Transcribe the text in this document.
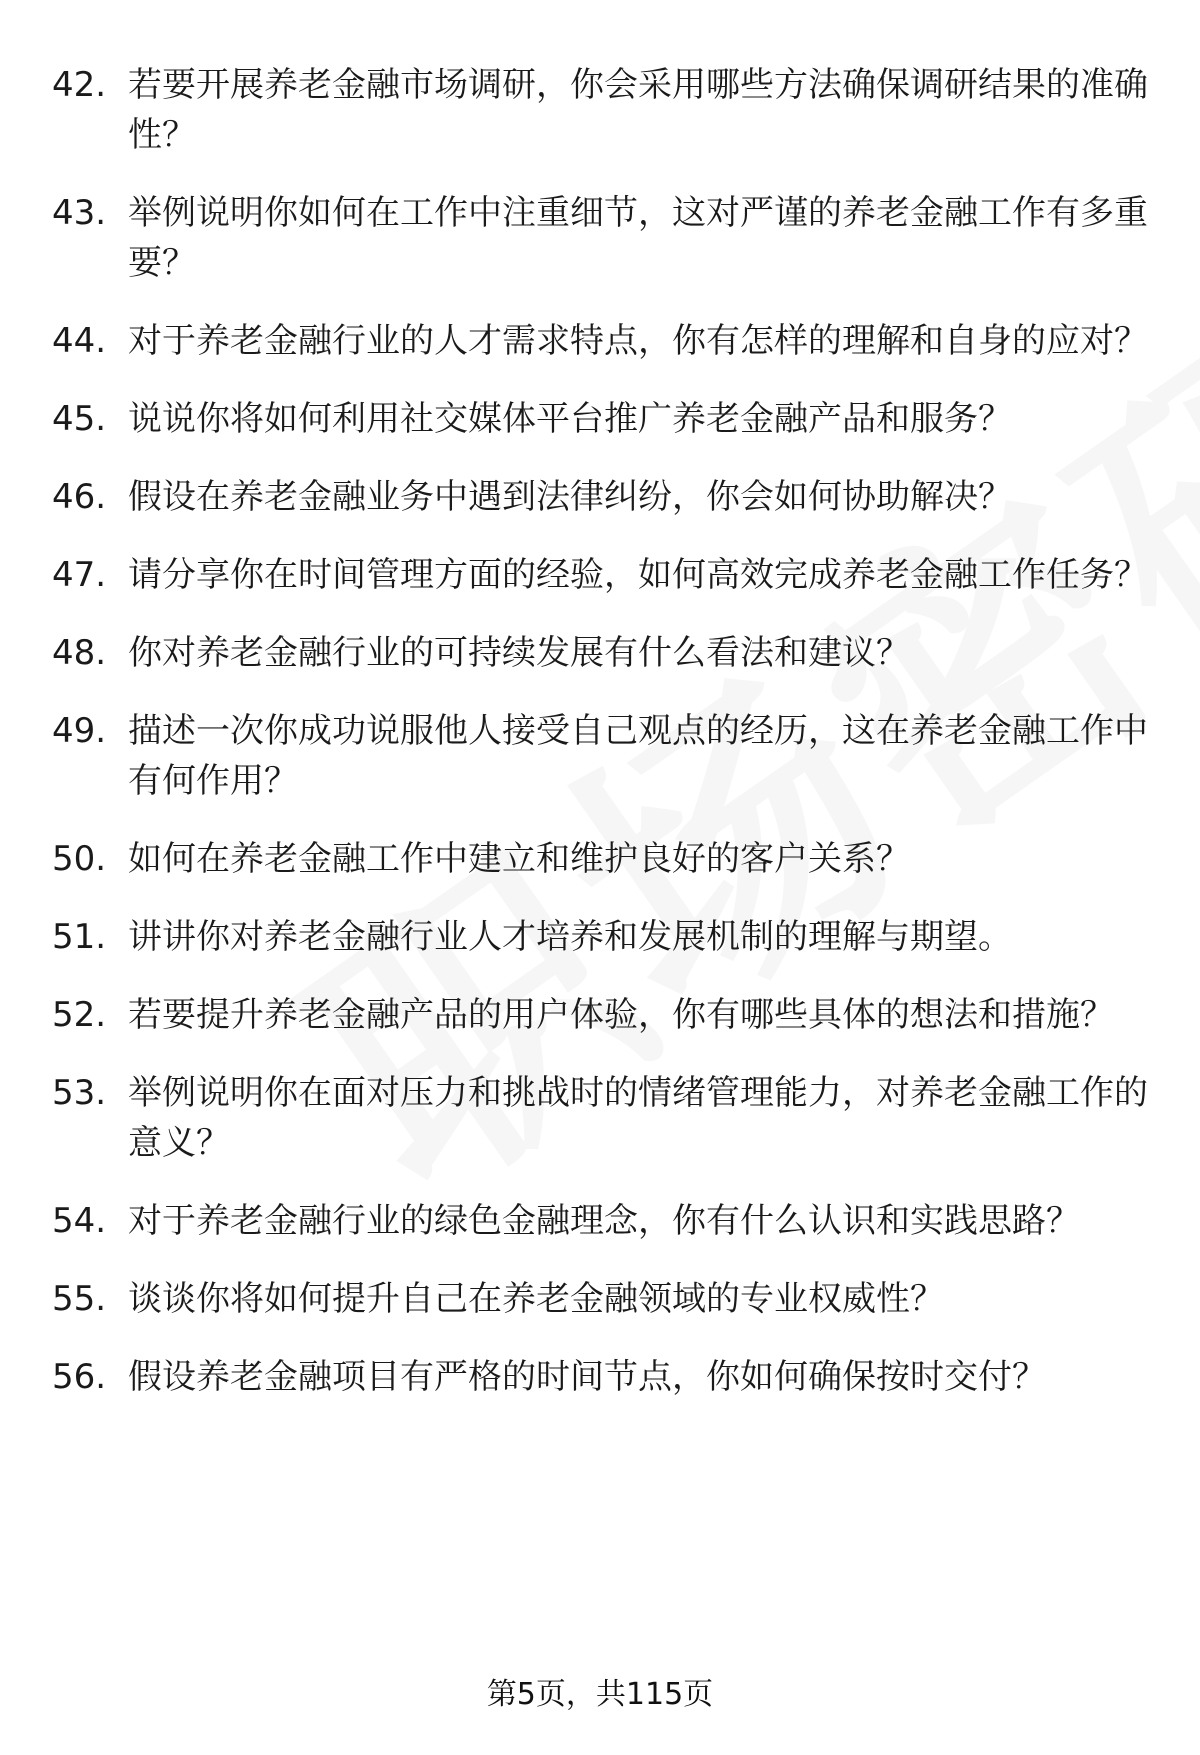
42. 若要开展养老金融市场调研，你会采用哪些方法确保调研结果的准确性？
43. 举例说明你如何在工作中注重细节，这对严谨的养老金融工作有多重要？
44. 对于养老金融行业的人才需求特点，你有怎样的理解和自身的应对？
45. 说说你将如何利用社交媒体平台推广养老金融产品和服务？
46. 假设在养老金融业务中遇到法律纠纷，你会如何协助解决？
47. 请分享你在时间管理方面的经验，如何高效完成养老金融工作任务？
48. 你对养老金融行业的可持续发展有什么看法和建议？
49. 描述一次你成功说服他人接受自己观点的经历，这在养老金融工作中有何作用？
50. 如何在养老金融工作中建立和维护良好的客户关系？
51. 讲讲你对养老金融行业人才培养和发展机制的理解与期望。
52. 若要提升养老金融产品的用户体验，你有哪些具体的想法和措施？
53. 举例说明你在面对压力和挑战时的情绪管理能力，对养老金融工作的意义？
54. 对于养老金融行业的绿色金融理念，你有什么认识和实践思路？
55. 谈谈你将如何提升自己在养老金融领域的专业权威性？
56. 假设养老金融项目有严格的时间节点，你如何确保按时交付？
第5页，共115页
